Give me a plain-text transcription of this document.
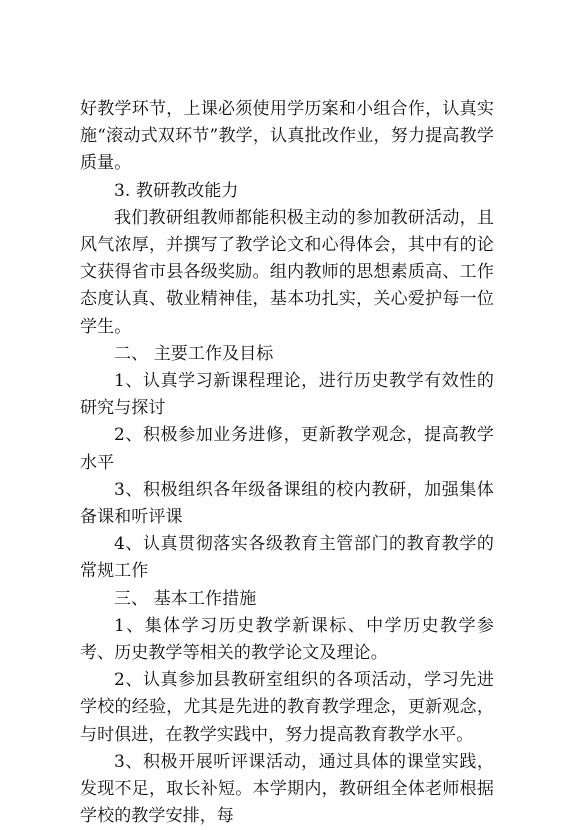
好教学环节，上课必须使用学历案和小组合作，认真实施“滚动式双环节”教学，认真批改作业，努力提高教学质量。

3. 教研教改能力

我们教研组教师都能积极主动的参加教研活动，且风气浓厚，并撰写了教学论文和心得体会，其中有的论文获得省市县各级奖励。组内教师的思想素质高、工作态度认真、敬业精神佳，基本功扎实，关心爱护每一位学生。

二、 主要工作及目标

1、认真学习新课程理论，进行历史教学有效性的研究与探讨

2、积极参加业务进修，更新教学观念，提高教学水平

3、积极组织各年级备课组的校内教研，加强集体备课和听评课

4、认真贯彻落实各级教育主管部门的教育教学的常规工作

三、 基本工作措施

1、集体学习历史教学新课标、中学历史教学参考、历史教学等相关的教学论文及理论。

2、认真参加县教研室组织的各项活动，学习先进学校的经验，尤其是先进的教育教学理念，更新观念，与时俱进，在教学实践中，努力提高教育教学水平。

3、积极开展听评课活动，通过具体的课堂实践，发现不足，取长补短。本学期内，教研组全体老师根据学校的教学安排，每
